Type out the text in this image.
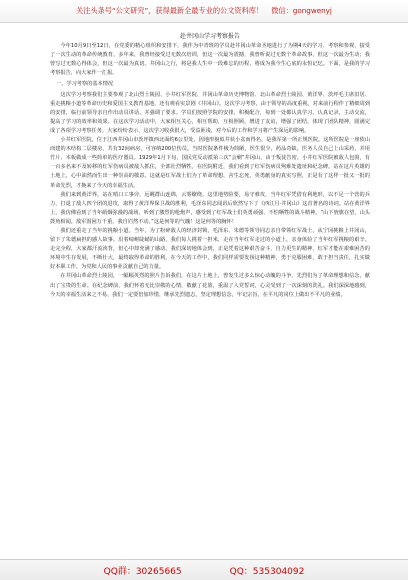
关注头条号“公文研究”，获得最新全最专业的公文资料库！ 微信：gongwenyj
赴井冈山学习考察报告

今年10月9日至12日，在党委的精心组织和安排下，我作为中青班的学员赴井冈山革命圣地进行了为期4天的学习、考察和参观，接受了一次生动的革命传统教育。多年来，我曾经接受过无数次培训，但这一次最为震撼，我曾听说过无数个革命故事，但这一次最为生动；我曾写过无数心得体会，但这一次最为真切。井冈山之行，将是我人生中一段难忘的历程，将成为我今生心底的永恒记忆。下面，是我的学习考察报告，向大家作一汇报。

一、学习考察的基本情况

这次学习考察我们主要参观了北山烈士陵园、小井红军医院、井冈山革命历史博物馆、北山革命烈士陵园、黄洋界、茨坪毛主席旧居、重走挑粮小道等革命历史和爱国主义教育基地，还有观看实景剧《井冈山》。这次学习考察，由于领导的高度重视，对来前行程作了精细周到的安排，临行前领导亲自作出动员讲话，并强调了要求。学员们按照学院的安排，积极配合，每到一处都认真学习，认真记录，主动交流，提高了学习的效率和效果。在这次学习活动中，大家相互关心，相互帮助，互相照顾，增进了友谊，增强了团结，体现了团队精神，圆满完成了各项学习考察任务。大家纷纷表示，这次学习收获很大，受益匪浅，对今后的工作和学习将产生深远的影响。

小井红军医院，位于江西井冈山市茨坪镇西北面约6公里处，因地形貌似井状小盆而得名，是我军第一所正规医院。这所医院是一座依山而建的木结构二层楼房，共有32间病房，可容纳200位伤员。当时医院条件极为简陋，医生很少，药品奇缺，医务人员自己上山采药，并用竹片、木板做成一些简单的医疗器具。1929年1月下旬，国民党反动派第三次“会剿”井冈山，由于叛徒告密，小井红军医院被敌人包围，有一百多名来不及转移的红军伤病员被敌人抓住，全部壮烈牺牲。在医院附近，我们看到了红军伤病员殉难处遗址和纪念碑。站在这片英雄的土地上，心中油然而生出一种崇高的敬意。这就是红军战士们为了革命理想，舍生忘死、英勇献身的真实写照，正是有了这样一批又一批的革命先烈，才换来了今天的幸福生活。

我们来到黄洋界，站在哨口工事旁，远眺群山连绵，云雾缭绕。这里地势险要，易守难攻，当年红军凭借有利地形，以不足一个营的兵力，打退了敌人四个团的进攻，取得了黄洋界保卫战的胜利，毛泽东同志闻讯后欣然写下了《西江月·井冈山》这首著名的诗词。站在黄洋界上，我仿佛看到了当年硝烟弥漫的战场，听到了激烈的枪炮声，感受到了红军战士们英勇顽强、不怕牺牲的战斗精神。“山下旌旗在望，山头鼓角相闻。敌军围困万千重，我自岿然不动。”这是何等的气魄！这是何等的胸怀！

我们还重走了当年的挑粮小道。当年，为了粉碎敌人的经济封锁，毛泽东、朱德等领导同志亲自带领红军战士，从宁冈挑粮上井冈山，留下了朱德扁担的感人故事。沿着崎岖陡峭的山路，我们每人挑着一担米，走在当年红军走过的小道上，亲身体验了当年红军挑粮的艰辛。走完全程，大家都汗流浃背，但心中却充满了感动。我们深切地体会到，正是凭着这种艰苦奋斗、自力更生的精神，红军才能在艰难困苦的环境中生存发展，不断壮大，最终取得革命的胜利。在今天的工作中，我们同样需要发扬这种精神，勇于克服困难，敢于担当责任，扎实做好本职工作，为党和人民的事业贡献自己的力量。

在井冈山革命烈士陵园，一幅幅英烈的照片告诉我们，在这片土地上，曾发生过多么惊心动魄的斗争，先烈们为了革命理想和信念，献出了宝贵的生命。在纪念碑前，我们怀着无比崇敬的心情，敬献了花篮，重温了入党誓词，心灵受到了一次深刻的洗礼。我们深深地感到，今天的幸福生活来之不易，我们一定要倍加珍惜，继承先烈遗志，坚定理想信念，牢记宗旨，在平凡的岗位上做出不平凡的业绩。

QQ群：30265665	QQ：535304092
